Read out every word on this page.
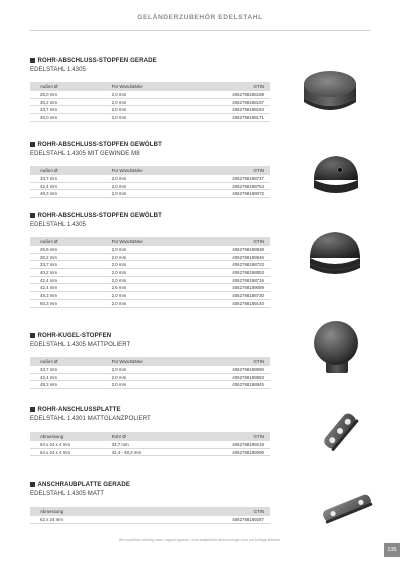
GELÄNDERZUBEHÖR EDELSTAHL
ROHR-ABSCHLUSS-STOPFEN GERADE
EDELSTAHL 1.4305
Außen Ø	Für Wandstärke	GTIN
25,0 mm	2,0 mm	4062768188188
30,2 mm	2,0 mm	4062768188157
33,7 mm	2,0 mm	4062768188164
40,0 mm	2,0 mm	4062768188171
ROHR-ABSCHLUSS-STOPFEN GEWÖLBT
EDELSTAHL 1.4305 MIT GEWINDE M8
Außen Ø	Für Wandstärke	GTIN
33,7 mm	2,0 mm	4062768188747
42,4 mm	2,0 mm	4062768188754
48,3 mm	2,0 mm	4062768189072
ROHR-ABSCHLUSS-STOPFEN GEWÖLBT
EDELSTAHL 1.4305
Außen Ø	Für Wandstärke	GTIN
26,9 mm	2,0 mm	4062768188838
30,2 mm	2,0 mm	4062768188846
33,7 mm	2,0 mm	4062768188723
40,2 mm	2,0 mm	4062768188853
42,4 mm	2,0 mm	4062768188716
42,4 mm	2,6 mm	4062768189089
48,3 mm	2,0 mm	4062768188730
60,3 mm	2,0 mm	4062768189140
ROHR-KUGEL-STOPFEN
EDELSTAHL 1.4305 MATTPOLIERT
Außen Ø	Für Wandstärke	GTIN
33,7 mm	2,0 mm	4062768188990
42,4 mm	2,0 mm	4062768188983
48,3 mm	2,0 mm	4062768188945
ROHR-ANSCHLUSSPLATTE
EDELSTAHL 1.4301 MATTGLANZPOLIERT
Abmessung	Rohr Ø	GTIN
64 x 24 x 4 mm	33,7 mm	4062768189218
64 x 24 x 4 mm	42,4 - 48,3 mm	4062768189096
ANSCHRAUBPLATTE GERADE
EDELSTAHL 1.4305 MATT
Abmessung		GTIN
62 x 24 mm		4062768189287
Wir empfehlen ständig unser Lagerprogramm, nicht aufgeführte Abmessungen sind auf Anfrage lieferbar.
135
